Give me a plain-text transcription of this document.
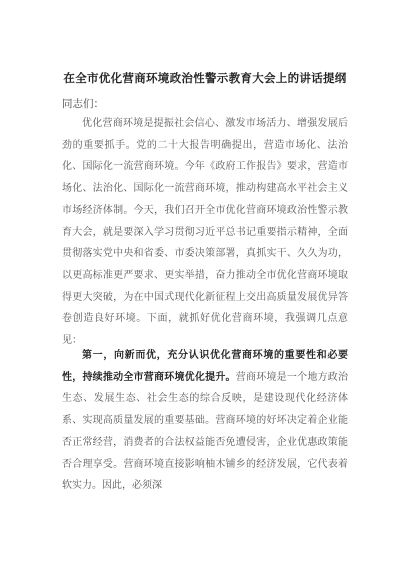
在全市优化营商环境政治性警示教育大会上的讲话提纲
同志们：

优化营商环境是提振社会信心、激发市场活力、增强发展后劲的重要抓手。党的二十大报告明确提出，营造市场化、法治化、国际化一流营商环境。今年《政府工作报告》要求，营造市场化、法治化、国际化一流营商环境，推动构建高水平社会主义市场经济体制。今天，我们召开全市优化营商环境政治性警示教育大会，就是要深入学习贯彻习近平总书记重要指示精神，全面贯彻落实党中央和省委、市委决策部署，真抓实干、久久为功，以更高标准更严要求、更实举措，奋力推动全市优化营商环境取得更大突破，为在中国式现代化新征程上交出高质量发展优异答卷创造良好环境。下面，就抓好优化营商环境，我强调几点意见：

第一，向新而优，充分认识优化营商环境的重要性和必要性，持续推动全市营商环境优化提升。营商环境是一个地方政治生态、发展生态、社会生态的综合反映，是建设现代化经济体系、实现高质量发展的重要基础。营商环境的好坏决定着企业能否正常经营，消费者的合法权益能否免遭侵害，企业优惠政策能否合理享受。营商环境直接影响柚木铺乡的经济发展，它代表着软实力。因此，必须深
